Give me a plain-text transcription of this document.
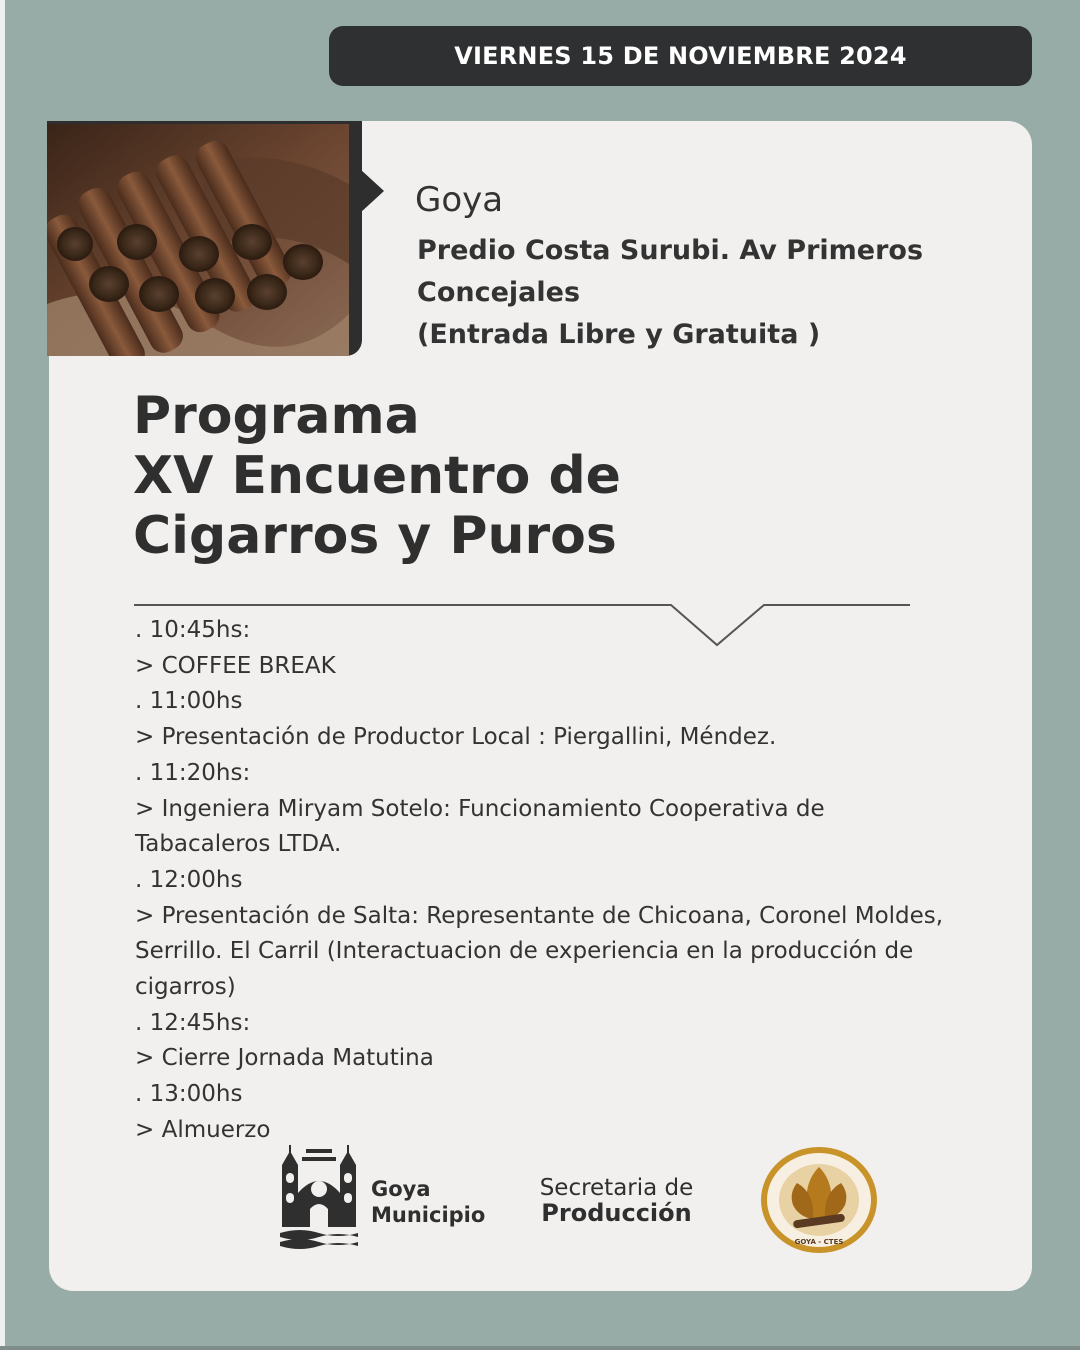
VIERNES 15 DE NOVIEMBRE 2024
Goya
Predio Costa Surubi. Av Primeros
Concejales
(Entrada Libre y Gratuita )
Programa
XV Encuentro de
Cigarros y Puros
. 10:45hs:
> COFFEE BREAK
. 11:00hs
> Presentación de Productor Local : Piergallini, Méndez.
. 11:20hs:
> Ingeniera Miryam Sotelo: Funcionamiento Cooperativa de
Tabacaleros LTDA.
. 12:00hs
> Presentación de Salta: Representante de Chicoana, Coronel Moldes,
Serrillo. El Carril (Interactuacion de experiencia en la producción de
cigarros)
. 12:45hs:
> Cierre Jornada Matutina
. 13:00hs
> Almuerzo
Goya
Municipio
Secretaria de
Producción
GOYA - CTES
